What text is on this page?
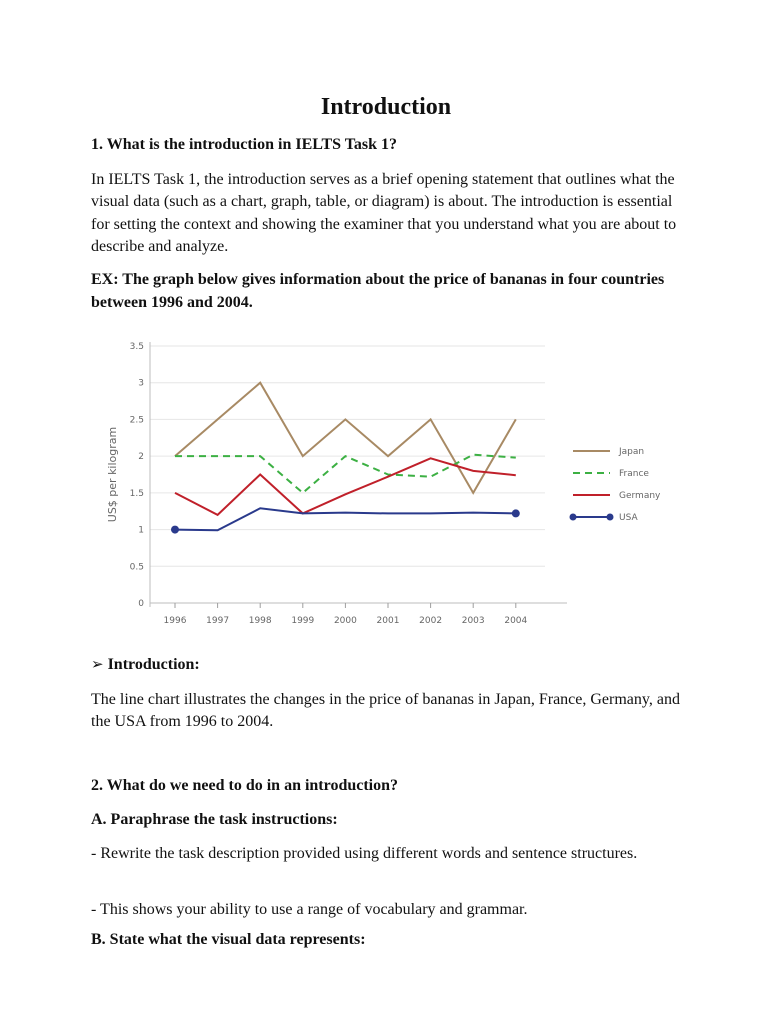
Introduction

1. What is the introduction in IELTS Task 1?

In IELTS Task 1, the introduction serves as a brief opening statement that outlines what the visual data (such as a chart, graph, table, or diagram) is about. The introduction is essential for setting the context and showing the examiner that you understand what you are about to describe and analyze.

EX: The graph below gives information about the price of bananas in four countries between 1996 and 2004.

➢ Introduction:

The line chart illustrates the changes in the price of bananas in Japan, France, Germany, and the USA from 1996 to 2004.

2. What do we need to do in an introduction?

A. Paraphrase the task instructions:

- Rewrite the task description provided using different words and sentence structures.

- This shows your ability to use a range of vocabulary and grammar.

B. State what the visual data represents:

0
0.5
1
1.5
2
2.5
3
3.5
1996 1997 1998 1999 2000 2001 2002 2003 2004
US$ per kilogram	Japan
France
Germany
USA
